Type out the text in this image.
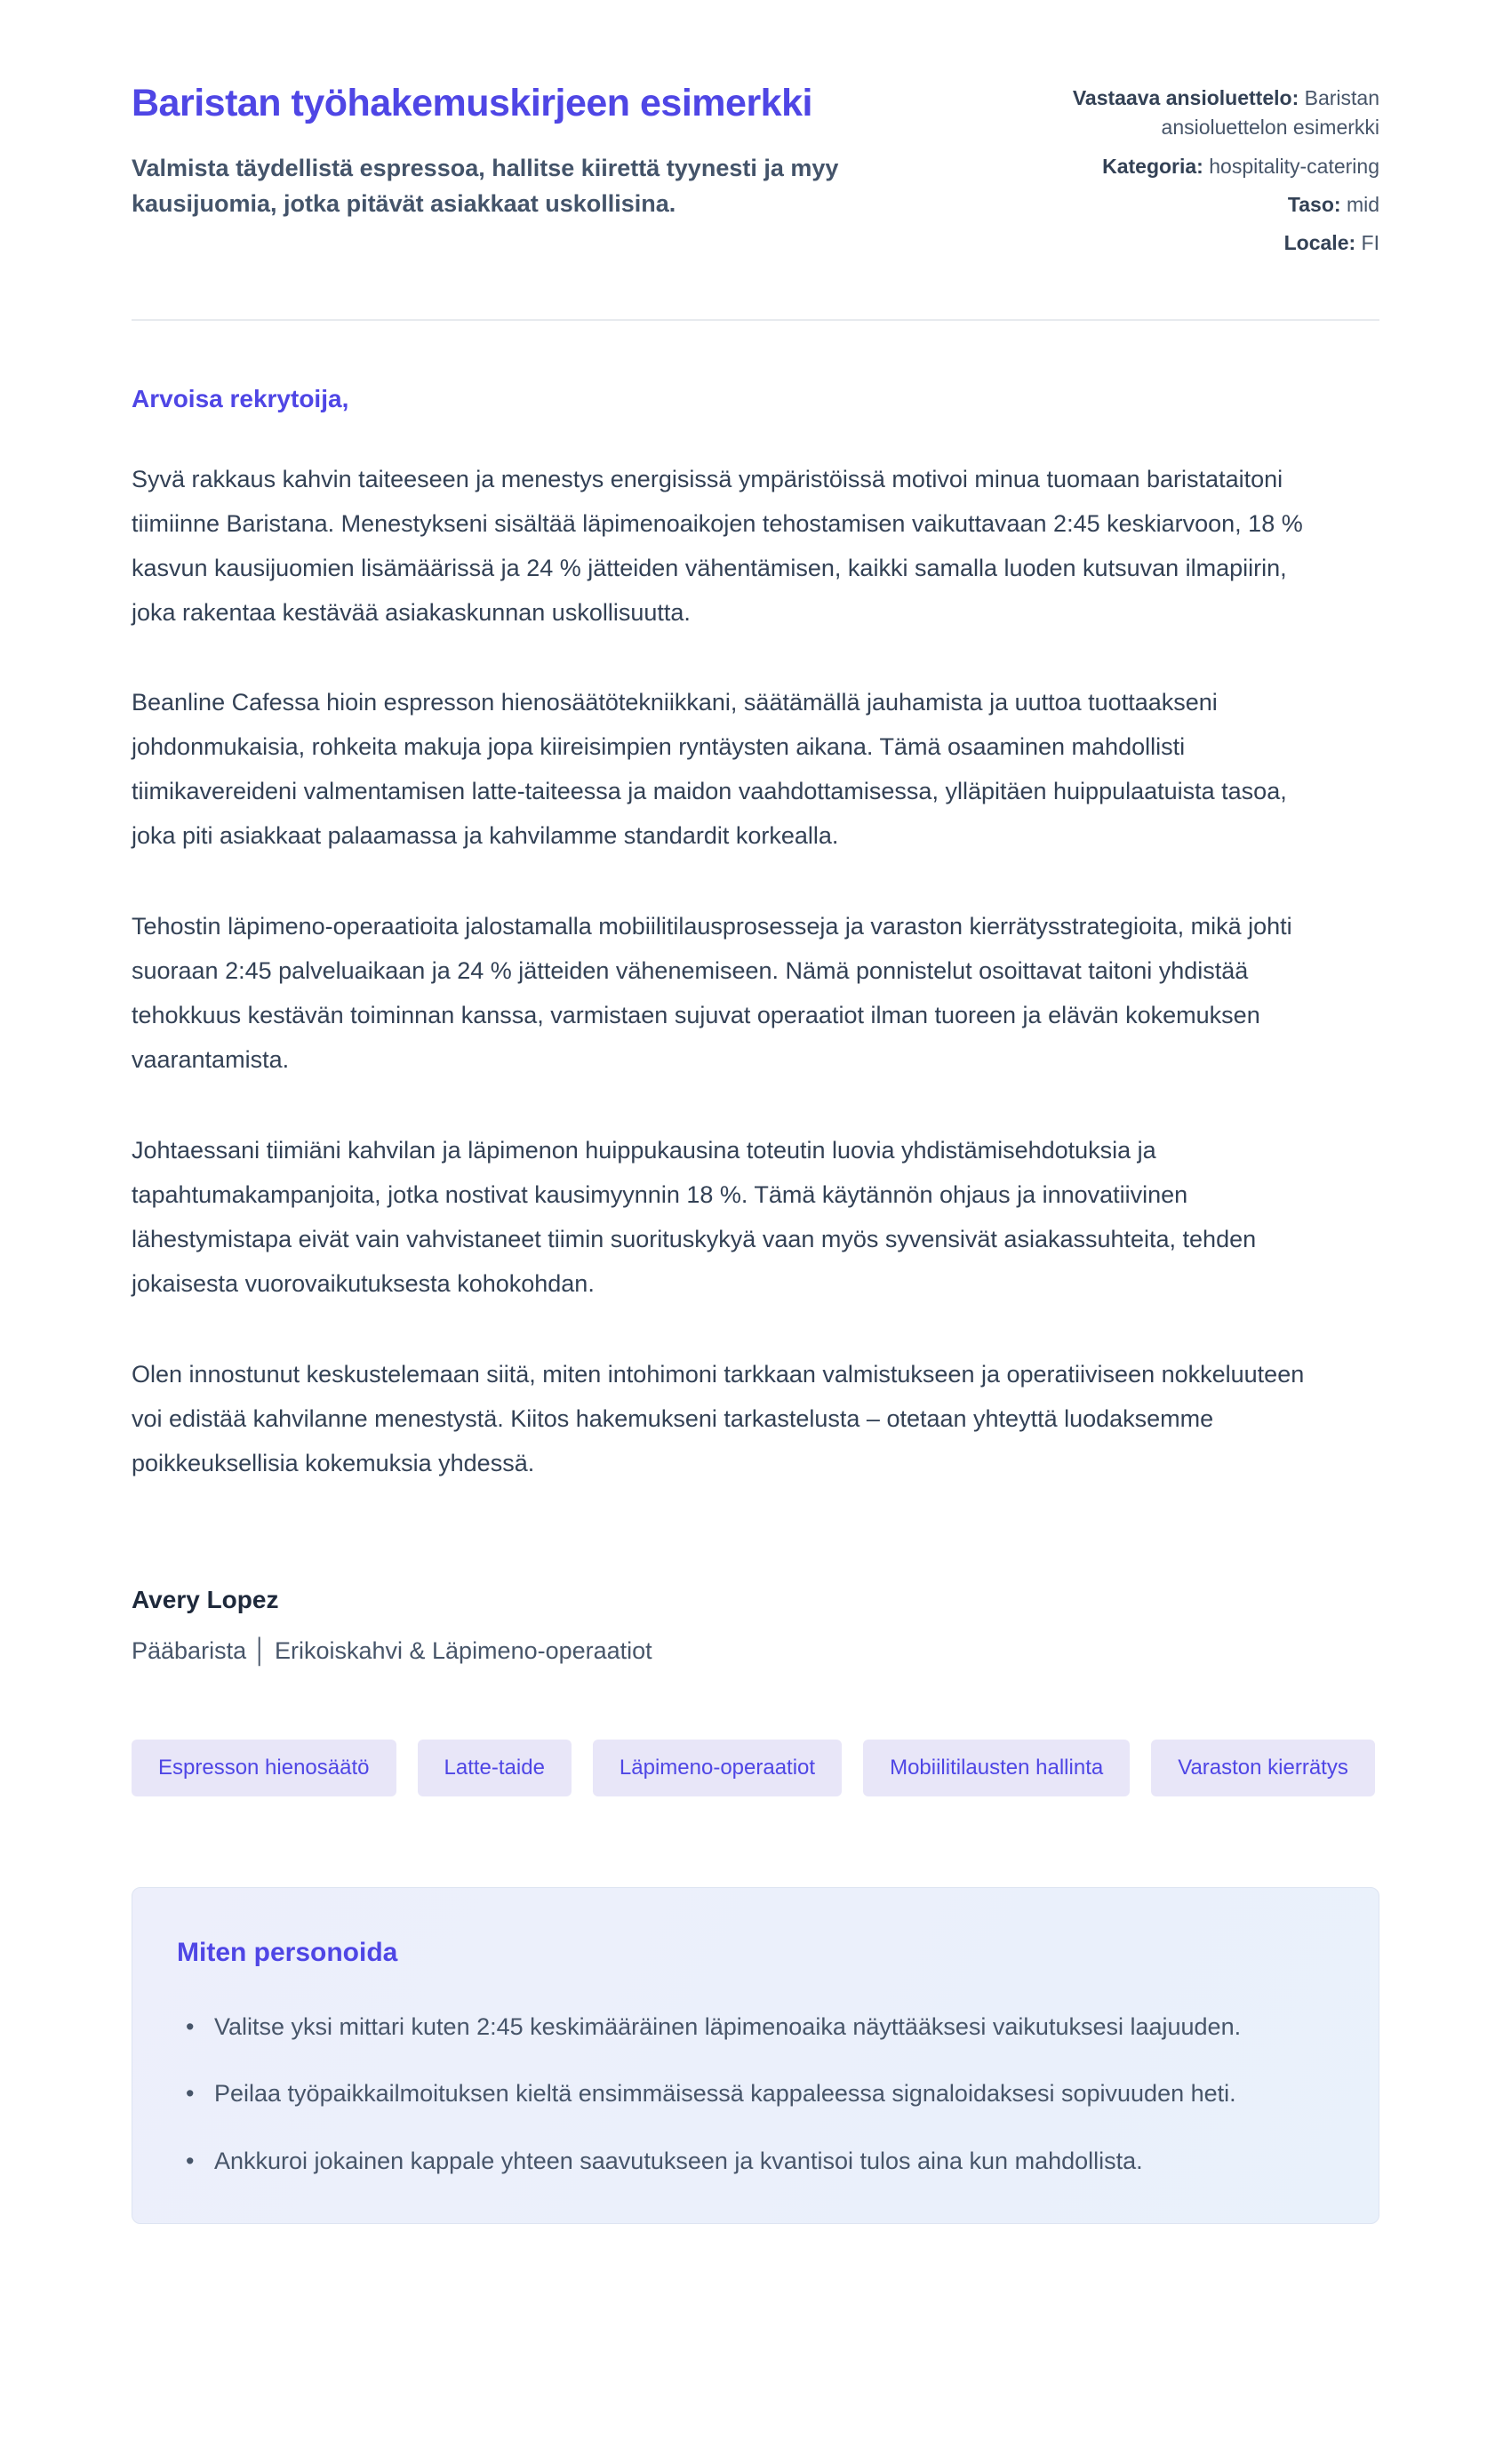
Baristan työhakemuskirjeen esimerkki

Valmista täydellistä espressoa, hallitse kiirettä tyynesti ja myy kausijuomia, jotka pitävät asiakkaat uskollisina.

Vastaava ansioluettelo: Baristan ansioluettelon esimerkki
Kategoria: hospitality-catering
Taso: mid
Locale: FI

Arvoisa rekrytoija,

Syvä rakkaus kahvin taiteeseen ja menestys energisissä ympäristöissä motivoi minua tuomaan baristataitoni tiimiinne Baristana. Menestykseni sisältää läpimenoaikojen tehostamisen vaikuttavaan 2:45 keskiarvoon, 18 % kasvun kausijuomien lisämäärissä ja 24 % jätteiden vähentämisen, kaikki samalla luoden kutsuvan ilmapiirin, joka rakentaa kestävää asiakaskunnan uskollisuutta.

Beanline Cafessa hioin espresson hienosäätötekniikkani, säätämällä jauhamista ja uuttoa tuottaakseni johdonmukaisia, rohkeita makuja jopa kiireisimpien ryntäysten aikana. Tämä osaaminen mahdollisti tiimikavereideni valmentamisen latte-taiteessa ja maidon vaahdottamisessa, ylläpitäen huippulaatuista tasoa, joka piti asiakkaat palaamassa ja kahvilamme standardit korkealla.

Tehostin läpimeno-operaatioita jalostamalla mobiilitilausprosesseja ja varaston kierrätysstrategioita, mikä johti suoraan 2:45 palveluaikaan ja 24 % jätteiden vähenemiseen. Nämä ponnistelut osoittavat taitoni yhdistää tehokkuus kestävän toiminnan kanssa, varmistaen sujuvat operaatiot ilman tuoreen ja elävän kokemuksen vaarantamista.

Johtaessani tiimiäni kahvilan ja läpimenon huippukausina toteutin luovia yhdistämisehdotuksia ja tapahtumakampanjoita, jotka nostivat kausimyynnin 18 %. Tämä käytännön ohjaus ja innovatiivinen lähestymistapa eivät vain vahvistaneet tiimin suorituskykyä vaan myös syvensivät asiakassuhteita, tehden jokaisesta vuorovaikutuksesta kohokohdan.

Olen innostunut keskustelemaan siitä, miten intohimoni tarkkaan valmistukseen ja operatiiviseen nokkeluuteen voi edistää kahvilanne menestystä. Kiitos hakemukseni tarkastelusta – otetaan yhteyttä luodaksemme poikkeuksellisia kokemuksia yhdessä.

Avery Lopez

Pääbarista │ Erikoiskahvi & Läpimeno-operaatiot

Espresson hienosäätö	Latte-taide	Läpimeno-operaatiot	Mobiilitilausten hallinta	Varaston kierrätys
Miten personoida
• Valitse yksi mittari kuten 2:45 keskimääräinen läpimenoaika näyttääksesi vaikutuksesi laajuuden.
• Peilaa työpaikkailmoituksen kieltä ensimmäisessä kappaleessa signaloidaksesi sopivuuden heti.
• Ankkuroi jokainen kappale yhteen saavutukseen ja kvantisoi tulos aina kun mahdollista.
